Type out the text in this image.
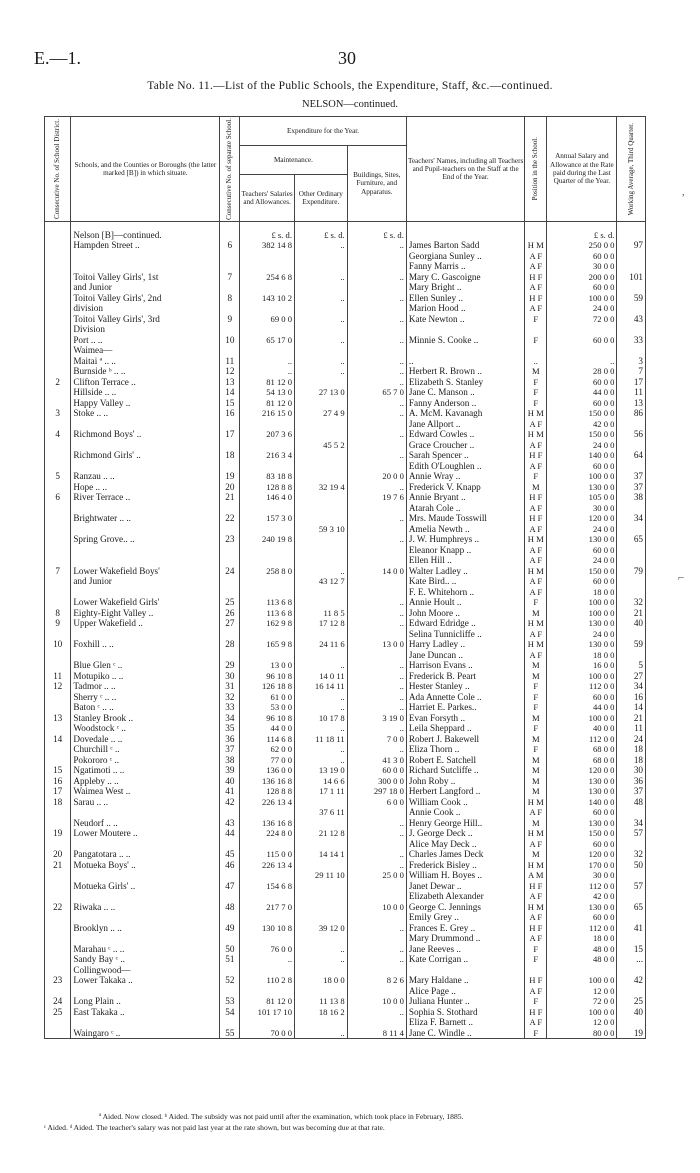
E.—1.	30
Table No. 11.—List of the Public Schools, the Expenditure, Staff, &c.—continued.
NELSON—continued.
Consecutive No. of School District.	Schools, and the Counties or Boroughs (the latter marked [B]) in which situate.	Consecutive No. of separate School.	Expenditure for the Year.			Teachers' Names, including all Teachers and Pupil-teachers on the Staff at the End of the Year.	Position in the School.	Annual Salary and Allowance at the Rate paid during the Last Quarter of the Year.	Working Average, Third Quarter.

			Maintenance.		Buildings, Sites, Furniture, and Apparatus.				
			Teachers' Salaries and Allowances.	Other Ordinary Expenditure.					

	Nelson [B]—continued.		£ s. d.	£ s. d.	£ s. d.			£ s. d.	
	Hampden Street ..	6	382 14 8	..	..	James Barton Sadd	H M	250 0 0	97
						Georgiana Sunley ..	A F	60 0 0	
						Fanny Marris ..	A F	30 0 0	
	Toitoi Valley Girls', 1st	7	254 6 8	..	..	Mary C. Gascoigne	H F	200 0 0	101
	and Junior					Mary Bright ..	A F	60 0 0	
	Toitoi Valley Girls', 2nd	8	143 10 2	..	..	Ellen Sunley ..	H F	100 0 0	59
	division					Marion Hood ..	A F	24 0 0	
	Toitoi Valley Girls', 3rd	9	69 0 0	..	..	Kate Newton ..	F	72 0 0	43
	Division								
	Port .. ..	10	65 17 0	..	..	Minnie S. Cooke ..	F	60 0 0	33
	Waimea—								
	Maitai ª .. ..	11	..	..	..	..	..	..	3
	Burnside ᵇ .. ..	12	..	..	..	Herbert R. Brown ..	M	28 0 0	7
2	Clifton Terrace ..	13	81 12 0		..	Elizabeth S. Stanley	F	60 0 0	17
	Hillside .. ..	14	54 13 0	27 13 0	65 7 0	Jane C. Manson ..	F	44 0 0	11
	Happy Valley ..	15	81 12 0		..	Fanny Anderson ..	F	60 0 0	13
3	Stoke .. ..	16	216 15 0	27 4 9	..	A. McM. Kavanagh	H M	150 0 0	86
						Jane Allport ..	A F	42 0 0	
4	Richmond Boys' ..	17	207 3 6		..	Edward Cowles ..	H M	150 0 0	56
				45 5 2		Grace Croucher ..	A F	24 0 0	
	Richmond Girls' ..	18	216 3 4		..	Sarah Spencer ..	H F	140 0 0	64
						Edith O'Loughlen ..	A F	60 0 0	
5	Ranzau .. ..	19	83 18 8		20 0 0	Annie Wray ..	F	100 0 0	37
	Hope .. ..	20	128 8 8	32 19 4	..	Frederick V. Knapp	M	130 0 0	37
6	River Terrace ..	21	146 4 0		19 7 6	Annie Bryant ..	H F	105 0 0	38
						Atarah Cole ..	A F	30 0 0	
	Brightwater .. ..	22	157 3 0		..	Mrs. Maude Tosswill	H F	120 0 0	34
				59 3 10		Amelia Newth ..	A F	24 0 0	
	Spring Grove.. ..	23	240 19 8		..	J. W. Humphreys ..	H M	130 0 0	65
						Eleanor Knapp ..	A F	60 0 0	
						Ellen Hill ..	A F	24 0 0	
7	Lower Wakefield Boys'	24	258 8 0	..	14 0 0	Walter Ladley ..	H M	150 0 0	79
	and Junior			43 12 7		Kate Bird.. ..	A F	60 0 0	
						F. E. Whitehorn ..	A F	18 0 0	
	Lower Wakefield Girls'	25	113 6 8		..	Annie Hoult ..	F	100 0 0	32
8	Eighty-Eight Valley ..	26	113 6 8	11 8 5	..	John Moore ..	M	100 0 0	21
9	Upper Wakefield ..	27	162 9 8	17 12 8	..	Edward Edridge ..	H M	130 0 0	40
						Selina Tunnicliffe ..	A F	24 0 0	
10	Foxhill .. ..	28	165 9 8	24 11 6	13 0 0	Harry Ladley ..	H M	130 0 0	59
						Jane Duncan ..	A F	18 0 0	
	Blue Glen ᶜ ..	29	13 0 0	..	..	Harrison Evans ..	M	16 0 0	5
11	Motupiko .. ..	30	96 10 8	14 0 11	..	Frederick B. Peart	M	100 0 0	27
12	Tadmor .. ..	31	126 18 8	16 14 11	..	Hester Stanley ..	F	112 0 0	34
	Sherry ᶜ .. ..	32	61 0 0	..	..	Ada Annette Cole ..	F	60 0 0	16
	Baton ᶜ .. ..	33	53 0 0	..	..	Harriet E. Parkes..	F	44 0 0	14
13	Stanley Brook ..	34	96 10 8	10 17 8	3 19 0	Evan Forsyth ..	M	100 0 0	21
	Woodstock ᶜ ..	35	44 0 0	..	..	Leila Sheppard ..	F	40 0 0	11
14	Dovedale .. ..	36	114 6 8	11 18 11	7 0 0	Robert J. Bakewell	M	112 0 0	24
	Churchill ᶜ ..	37	62 0 0	..	..	Eliza Thorn ..	F	68 0 0	18
	Pokororo ᶜ ..	38	77 0 0	..	41 3 0	Robert E. Satchell	M	68 0 0	18
15	Ngatimoti .. ..	39	136 0 0	13 19 0	60 0 0	Richard Sutcliffe ..	M	120 0 0	30
16	Appleby .. ..	40	136 16 8	14 6 6	300 0 0	John Roby ..	M	130 0 0	36
17	Waimea West ..	41	128 8 8	17 1 11	297 18 0	Herbert Langford ..	M	130 0 0	37
18	Sarau .. ..	42	226 13 4		6 0 0	William Cook ..	H M	140 0 0	48
				37 6 11		Annie Cook ..	A F	60 0 0	
	Neudorf .. ..	43	136 16 8		..	Henry George Hill..	M	130 0 0	34
19	Lower Moutere ..	44	224 8 0	21 12 8	..	J. George Deck ..	H M	150 0 0	57
						Alice May Deck ..	A F	60 0 0	
20	Pangatotara .. ..	45	115 0 0	14 14 1	..	Charles James Deck	M	120 0 0	32
21	Motueka Boys' ..	46	226 13 4		..	Frederick Bisley ..	H M	170 0 0	50
				29 11 10	25 0 0	William H. Boyes ..	A M	30 0 0	
	Motueka Girls' ..	47	154 6 8			Janet Dewar ..	H F	112 0 0	57
						Elizabeth Alexander	A F	42 0 0	
22	Riwaka .. ..	48	217 7 0		10 0 0	George C. Jennings	H M	130 0 0	65
						Emily Grey ..	A F	60 0 0	
	Brooklyn .. ..	49	130 10 8	39 12 0	..	Frances E. Grey ..	H F	112 0 0	41
						Mary Drummond ..	A F	18 0 0	
	Marahau ᶜ .. ..	50	76 0 0	..	..	Jane Reeves ..	F	48 0 0	15
	Sandy Bay ᶜ ..	51	..	..	..	Kate Corrigan ..	F	48 0 0	...
	Collingwood—								
23	Lower Takaka ..	52	110 2 8	18 0 0	8 2 6	Mary Haldane ..	H F	100 0 0	42
						Alice Page ..	A F	12 0 0	
24	Long Plain ..	53	81 12 0	11 13 8	10 0 0	Juliana Hunter ..	F	72 0 0	25
25	East Takaka ..	54	101 17 10	18 16 2	..	Sophia S. Stothard	H F	100 0 0	40
						Eliza F. Barnett ..	A F	12 0 0	
	Waingaro ᶜ ..	55	70 0 0	..	8 11 4	Jane C. Windle ..	F	80 0 0	19
ª Aided. Now closed. ᵇ Aided. The subsidy was not paid until after the examination, which took place in February, 1885.
ᶜ Aided. ᵈ Aided. The teacher's salary was not paid last year at the rate shown, but was becoming due at that rate.
,
⌐
